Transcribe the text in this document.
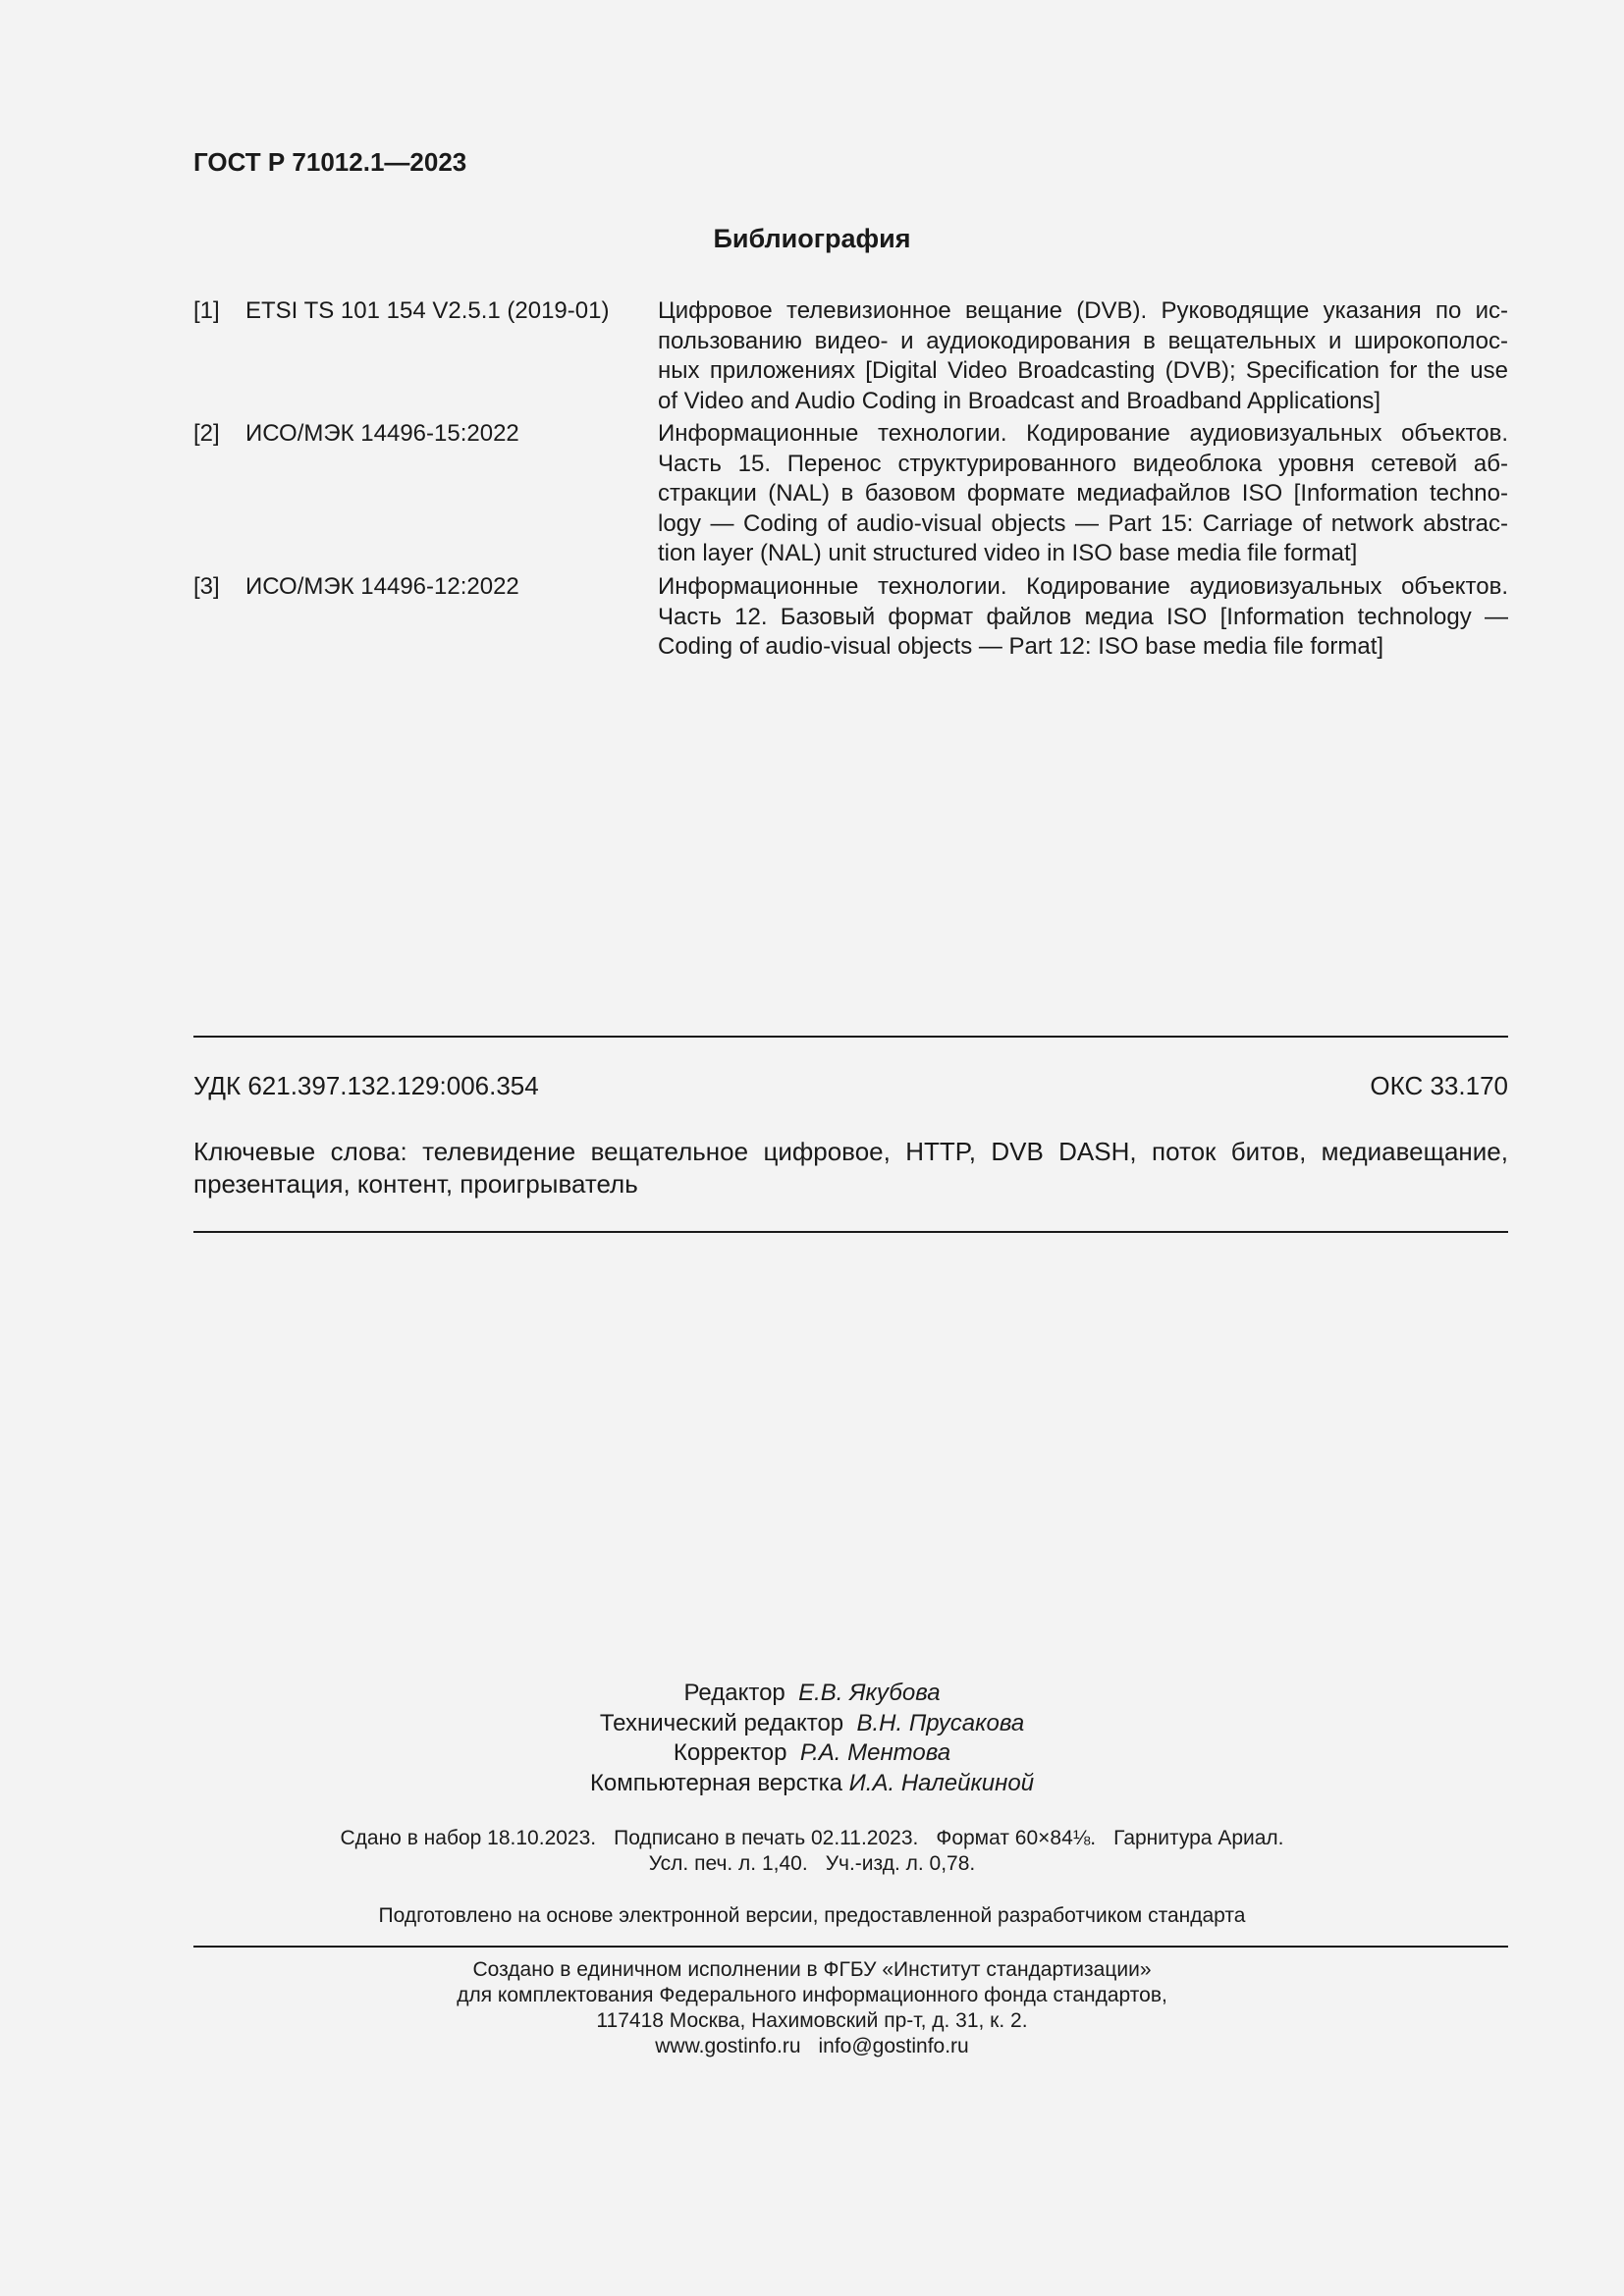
ГОСТ Р 71012.1—2023
Библиография
[1]	ETSI TS 101 154 V2.5.1 (2019-01)	Цифровое телевизионное вещание (DVB). Руководящие указания по ис-
пользованию видео- и аудиокодирования в вещательных и широкополос-
ных приложениях [Digital Video Broadcasting (DVB); Specification for the use
of Video and Audio Coding in Broadcast and Broadband Applications]
[2]	ИСО/МЭК 14496-15:2022	Информационные технологии. Кодирование аудиовизуальных объектов.
Часть 15. Перенос структурированного видеоблока уровня сетевой аб-
стракции (NAL) в базовом формате медиафайлов ISO [Information techno-
logy — Coding of audio-visual objects — Part 15: Carriage of network abstrac-
tion layer (NAL) unit structured video in ISO base media file format]
[3]	ИСО/МЭК 14496-12:2022	Информационные технологии. Кодирование аудиовизуальных объектов.
Часть 12. Базовый формат файлов медиа ISO [Information technology —
Coding of audio-visual objects — Part 12: ISO base media file format]
УДК 621.397.132.129:006.354	ОКС 33.170
Ключевые слова: телевидение вещательное цифровое, HTTP, DVB DASH, поток битов, медиавещание,
презентация, контент, проигрыватель
Редактор Е.В. Якубова
Технический редактор В.Н. Прусакова
Корректор Р.А. Ментова
Компьютерная верстка И.А. Налейкиной
Сдано в набор 18.10.2023. Подписано в печать 02.11.2023. Формат 60×84⅛. Гарнитура Ариал.
Усл. печ. л. 1,40. Уч.-изд. л. 0,78.
Подготовлено на основе электронной версии, предоставленной разработчиком стандарта
Создано в единичном исполнении в ФГБУ «Институт стандартизации»
для комплектования Федерального информационного фонда стандартов,
117418 Москва, Нахимовский пр-т, д. 31, к. 2.
www.gostinfo.ru info@gostinfo.ru
